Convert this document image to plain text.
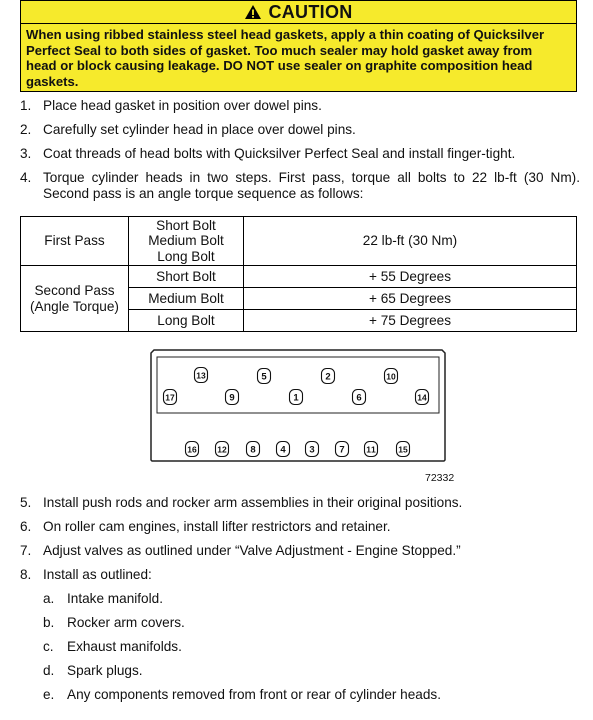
CAUTION
When using ribbed stainless steel head gaskets, apply a thin coating of Quicksilver
Perfect Seal to both sides of gasket. Too much sealer may hold gasket away from
head or block causing leakage. DO NOT use sealer on graphite composition head
gaskets.
1. Place head gasket in position over dowel pins.
2. Carefully set cylinder head in place over dowel pins.
3. Coat threads of head bolts with Quicksilver Perfect Seal and install finger-tight.
4. Torque cylinder heads in two steps. First pass, torque all bolts to 22 lb-ft (30 Nm). Second pass is an angle torque sequence as follows:
First Pass	Short Bolt
Medium Bolt
Long Bolt	22 lb-ft (30 Nm)

Second Pass
(Angle Torque)	Short Bolt	+ 55 Degrees
	Medium Bolt	+ 65 Degrees
	Long Bolt	+ 75 Degrees
13	5	2	10
17	9	1	6	14
16 12 8	4 3	7	11	15
72332
5. Install push rods and rocker arm assemblies in their original positions.
6. On roller cam engines, install lifter restrictors and retainer.
7. Adjust valves as outlined under “Valve Adjustment - Engine Stopped.”
8. Install as outlined:
a. Intake manifold.
b. Rocker arm covers.
c. Exhaust manifolds.
d. Spark plugs.
e. Any components removed from front or rear of cylinder heads.
